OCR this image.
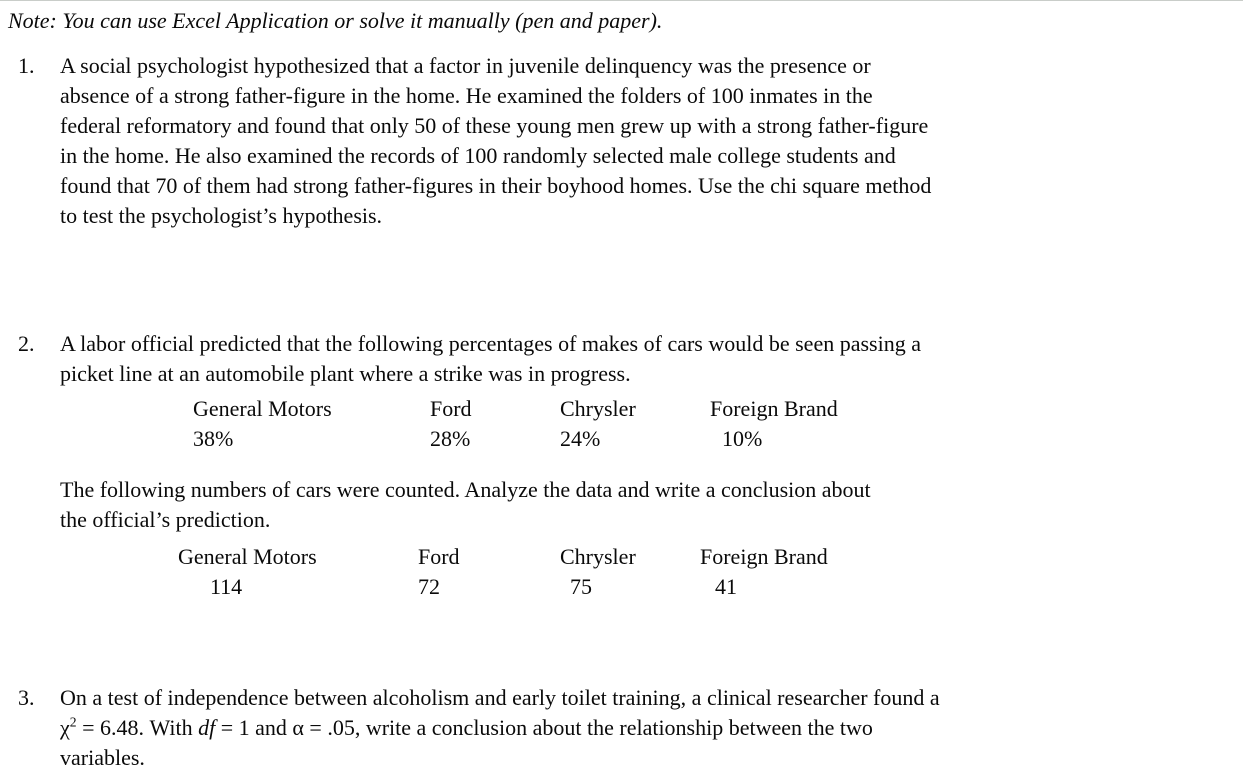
Note: You can use Excel Application or solve it manually (pen and paper).
1. A social psychologist hypothesized that a factor in juvenile delinquency was the presence or
absence of a strong father-figure in the home. He examined the folders of 100 inmates in the
federal reformatory and found that only 50 of these young men grew up with a strong father-figure
in the home. He also examined the records of 100 randomly selected male college students and
found that 70 of them had strong father-figures in their boyhood homes. Use the chi square method
to test the psychologist’s hypothesis.
2. A labor official predicted that the following percentages of makes of cars would be seen passing a
picket line at an automobile plant where a strike was in progress.
General Motors	Ford	Chrysler	Foreign Brand
38%	28%	24%	10%
The following numbers of cars were counted. Analyze the data and write a conclusion about
the official’s prediction.
General Motors	Ford	Chrysler	Foreign Brand
114	72	75	41
3. On a test of independence between alcoholism and early toilet training, a clinical researcher found a
$\chi^2 = 6.48$. With df = 1 and α = .05, write a conclusion about the relationship between the two
variables.
